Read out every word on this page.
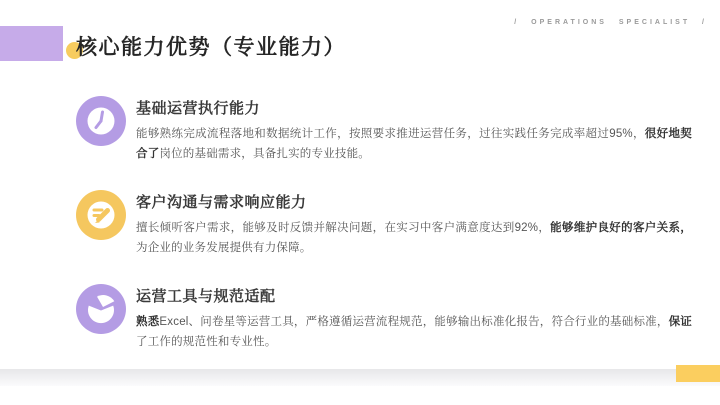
/ OPERATIONS SPECIALIST /
核心能力优势（专业能力）
基础运营执行能力
能够熟练完成流程落地和数据统计工作，按照要求推进运营任务，过往实践任务完成率超过95%，很好地契合了岗位的基础需求，具备扎实的专业技能。
客户沟通与需求响应能力
擅长倾听客户需求，能够及时反馈并解决问题，在实习中客户满意度达到92%，能够维护良好的客户关系，为企业的业务发展提供有力保障。
运营工具与规范适配
熟悉Excel、问卷星等运营工具，严格遵循运营流程规范，能够输出标准化报告，符合行业的基础标准，保证了工作的规范性和专业性。
